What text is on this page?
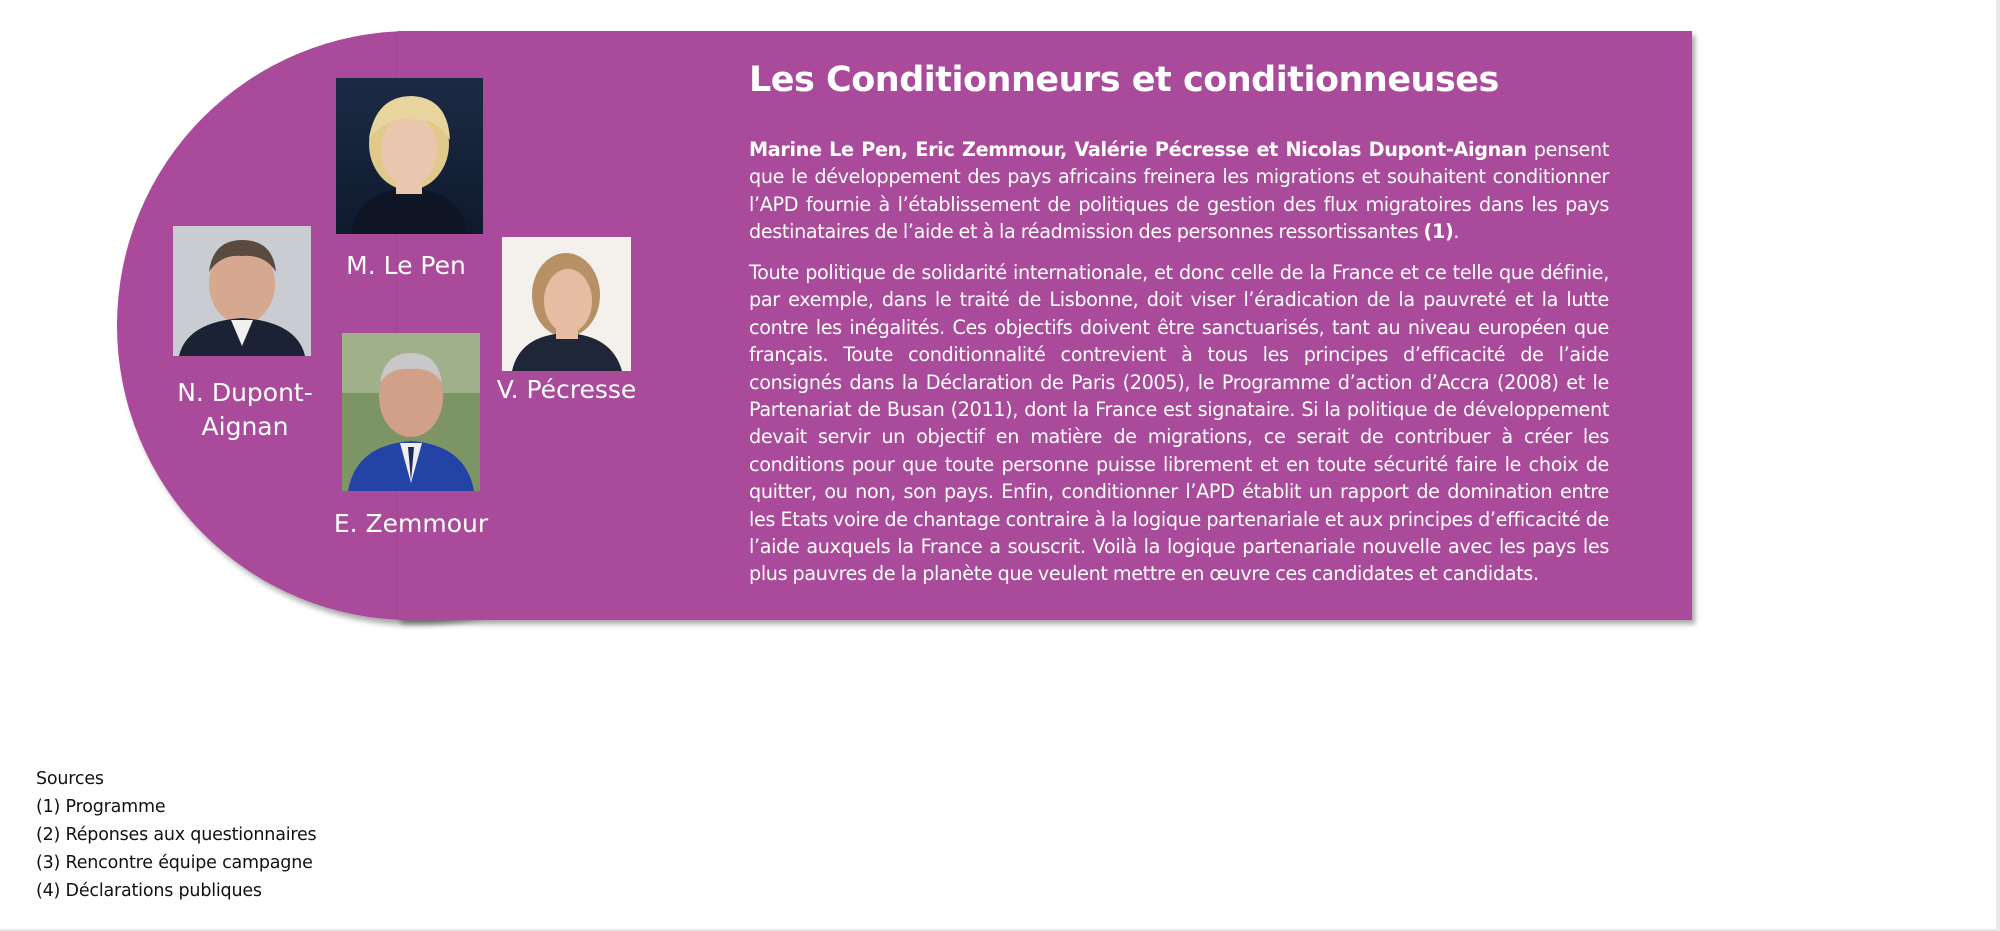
M. Le Pen
N. Dupont-
Aignan
V. Pécresse
E. Zemmour
Les Conditionneurs et conditionneuses
Marine Le Pen, Eric Zemmour, Valérie Pécresse et Nicolas Dupont-Aignan pensent que le développement des pays africains freinera les migrations et souhaitent conditionner l’APD fournie à l’établissement de politiques de gestion des flux migratoires dans les pays destinataires de l’aide et à la réadmission des personnes ressortissantes (1).
Toute politique de solidarité internationale, et donc celle de la France et ce telle que définie, par exemple, dans le traité de Lisbonne, doit viser l’éradication de la pauvreté et la lutte contre les inégalités. Ces objectifs doivent être sanctuarisés, tant au niveau européen que français. Toute conditionnalité contrevient à tous les principes d’efficacité de l’aide consignés dans la Déclaration de Paris (2005), le Programme d’action d’Accra (2008) et le Partenariat de Busan (2011), dont la France est signataire. Si la politique de développement devait servir un objectif en matière de migrations, ce serait de contribuer à créer les conditions pour que toute personne puisse librement et en toute sécurité faire le choix de quitter, ou non, son pays. Enfin, conditionner l’APD établit un rapport de domination entre les Etats voire de chantage contraire à la logique partenariale et aux principes d’efficacité de l’aide auxquels la France a souscrit. Voilà la logique partenariale nouvelle avec les pays les plus pauvres de la planète que veulent mettre en œuvre ces candidates et candidats.
Sources
(1) Programme
(2) Réponses aux questionnaires
(3) Rencontre équipe campagne
(4) Déclarations publiques
